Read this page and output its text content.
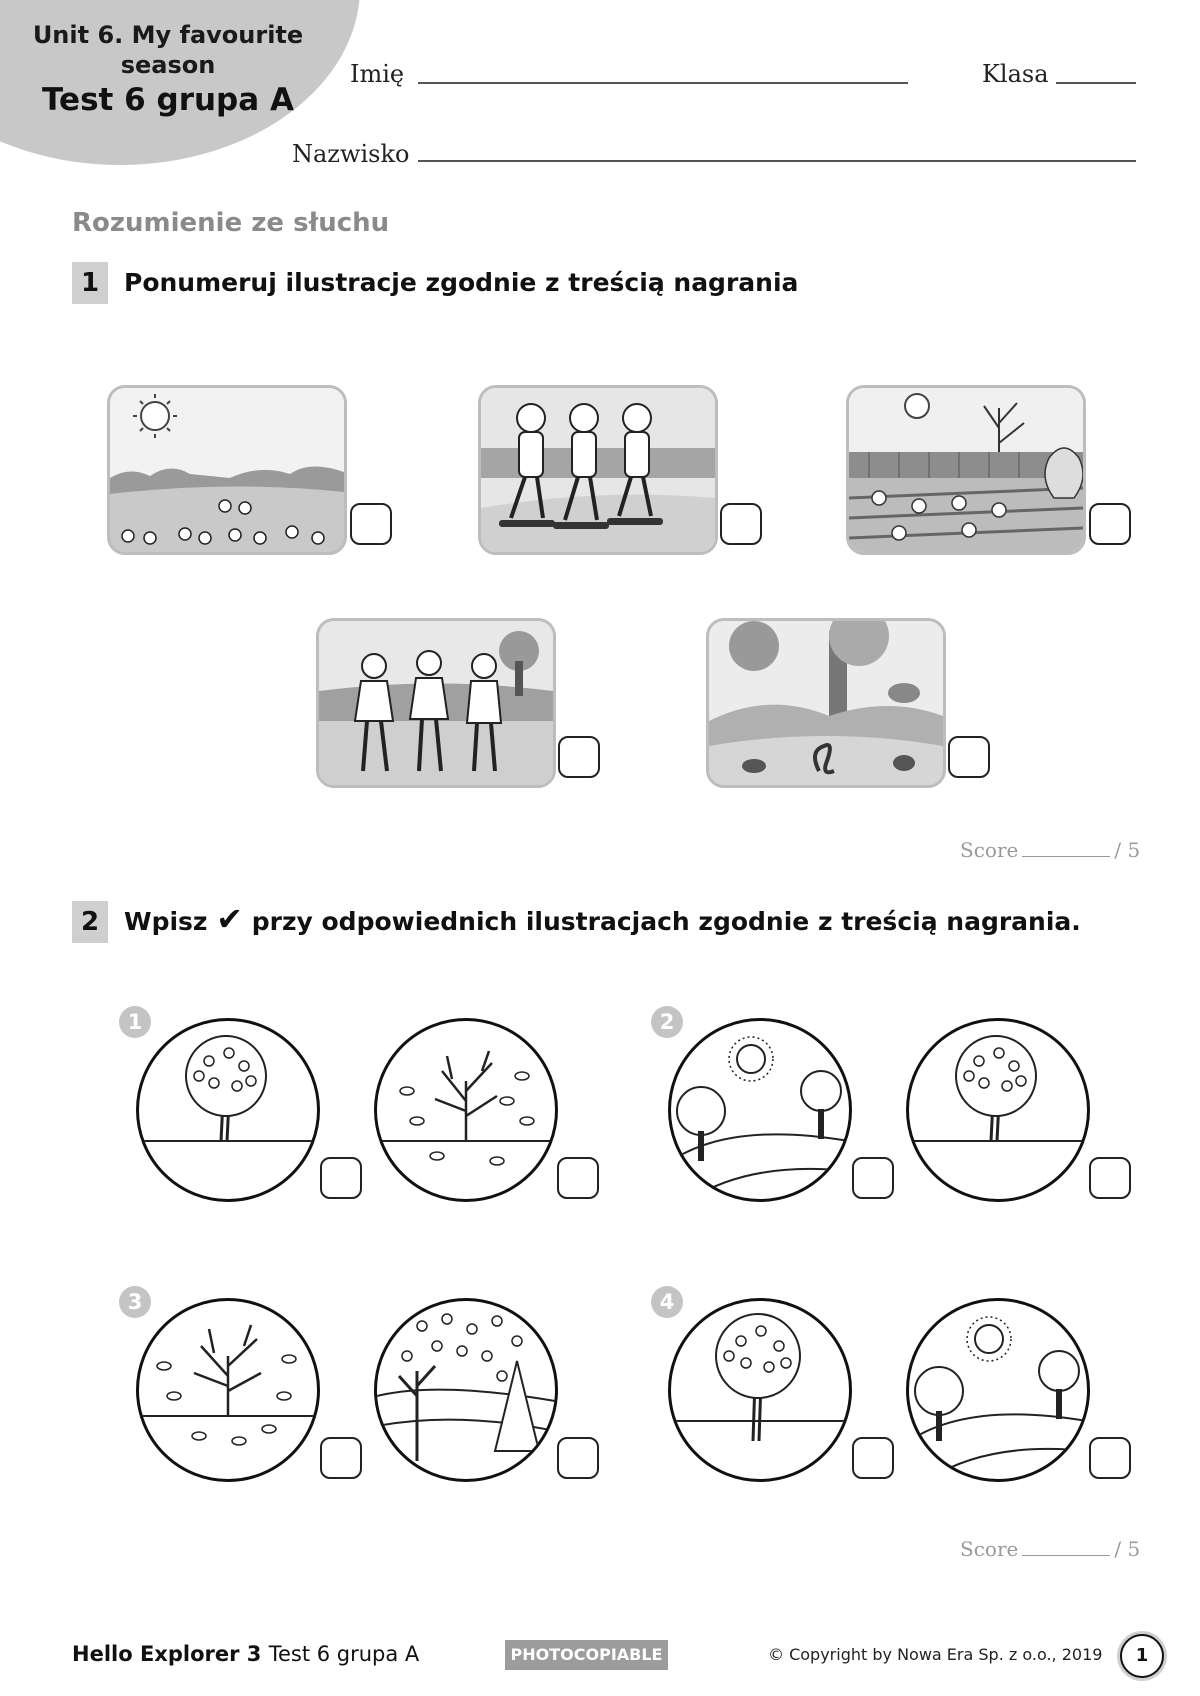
Unit 6. My favourite season
Test 6 grupa A
Imię	Klasa
Nazwisko
Rozumienie ze słuchu
1 Ponumeruj ilustracje zgodnie z treścią nagrania
Score	/ 5
2 Wpisz ✔ przy odpowiednich ilustracjach zgodnie z treścią nagrania.
1	2
3	4
Score	/ 5
Hello Explorer 3 Test 6 grupa A	PHOTOCOPIABLE	© Copyright by Nowa Era Sp. z o.o., 2019	1
